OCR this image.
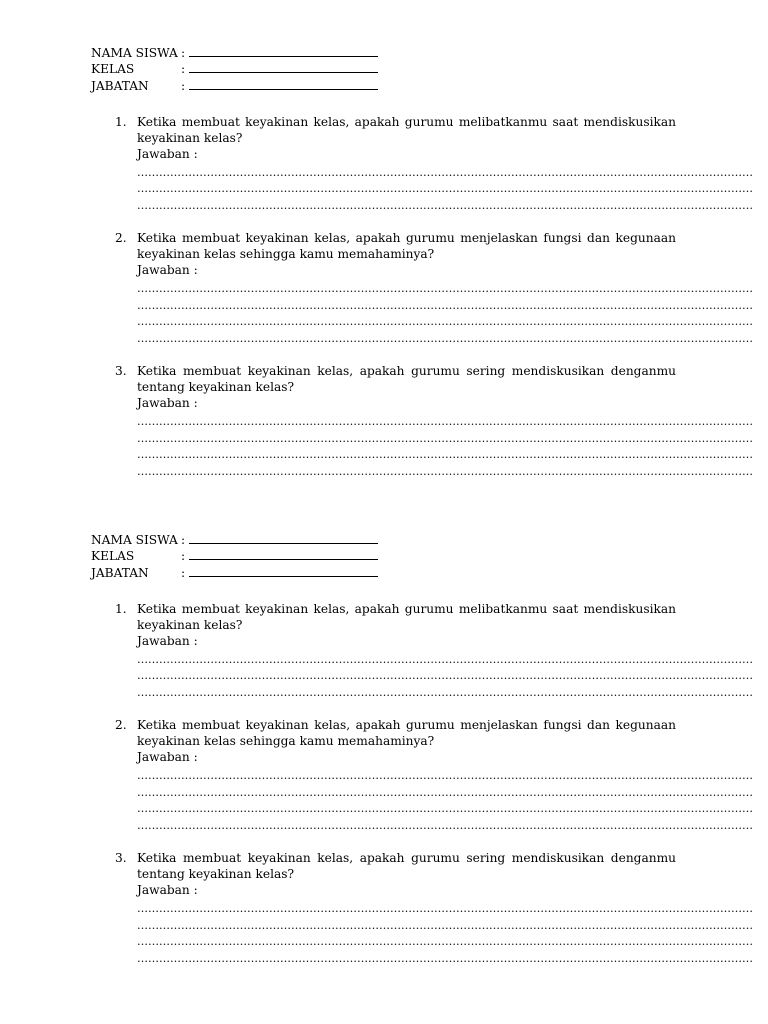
NAMA SISWA :
KELAS	:
JABATAN	:
1. Ketika membuat keyakinan kelas, apakah gurumu melibatkanmu saat mendiskusikan keyakinan kelas?

Jawaban :

……………………………………………………………………………………………………………………………………………………
……………………………………………………………………………………………………………………………………………………
……………………………………………………………………………………………………………………………………………………
2. Ketika membuat keyakinan kelas, apakah gurumu menjelaskan fungsi dan kegunaan keyakinan kelas sehingga kamu memahaminya?

Jawaban :

……………………………………………………………………………………………………………………………………………………
……………………………………………………………………………………………………………………………………………………
……………………………………………………………………………………………………………………………………………………
……………………………………………………………………………………………………………………………………………………
3. Ketika membuat keyakinan kelas, apakah gurumu sering mendiskusikan denganmu tentang keyakinan kelas?

Jawaban :

……………………………………………………………………………………………………………………………………………………
……………………………………………………………………………………………………………………………………………………
……………………………………………………………………………………………………………………………………………………
……………………………………………………………………………………………………………………………………………………
NAMA SISWA :
KELAS	:
JABATAN	:
1. Ketika membuat keyakinan kelas, apakah gurumu melibatkanmu saat mendiskusikan keyakinan kelas?

Jawaban :

……………………………………………………………………………………………………………………………………………………
……………………………………………………………………………………………………………………………………………………
……………………………………………………………………………………………………………………………………………………
2. Ketika membuat keyakinan kelas, apakah gurumu menjelaskan fungsi dan kegunaan keyakinan kelas sehingga kamu memahaminya?

Jawaban :

……………………………………………………………………………………………………………………………………………………
……………………………………………………………………………………………………………………………………………………
……………………………………………………………………………………………………………………………………………………
……………………………………………………………………………………………………………………………………………………
3. Ketika membuat keyakinan kelas, apakah gurumu sering mendiskusikan denganmu tentang keyakinan kelas?

Jawaban :

……………………………………………………………………………………………………………………………………………………
……………………………………………………………………………………………………………………………………………………
……………………………………………………………………………………………………………………………………………………
……………………………………………………………………………………………………………………………………………………
